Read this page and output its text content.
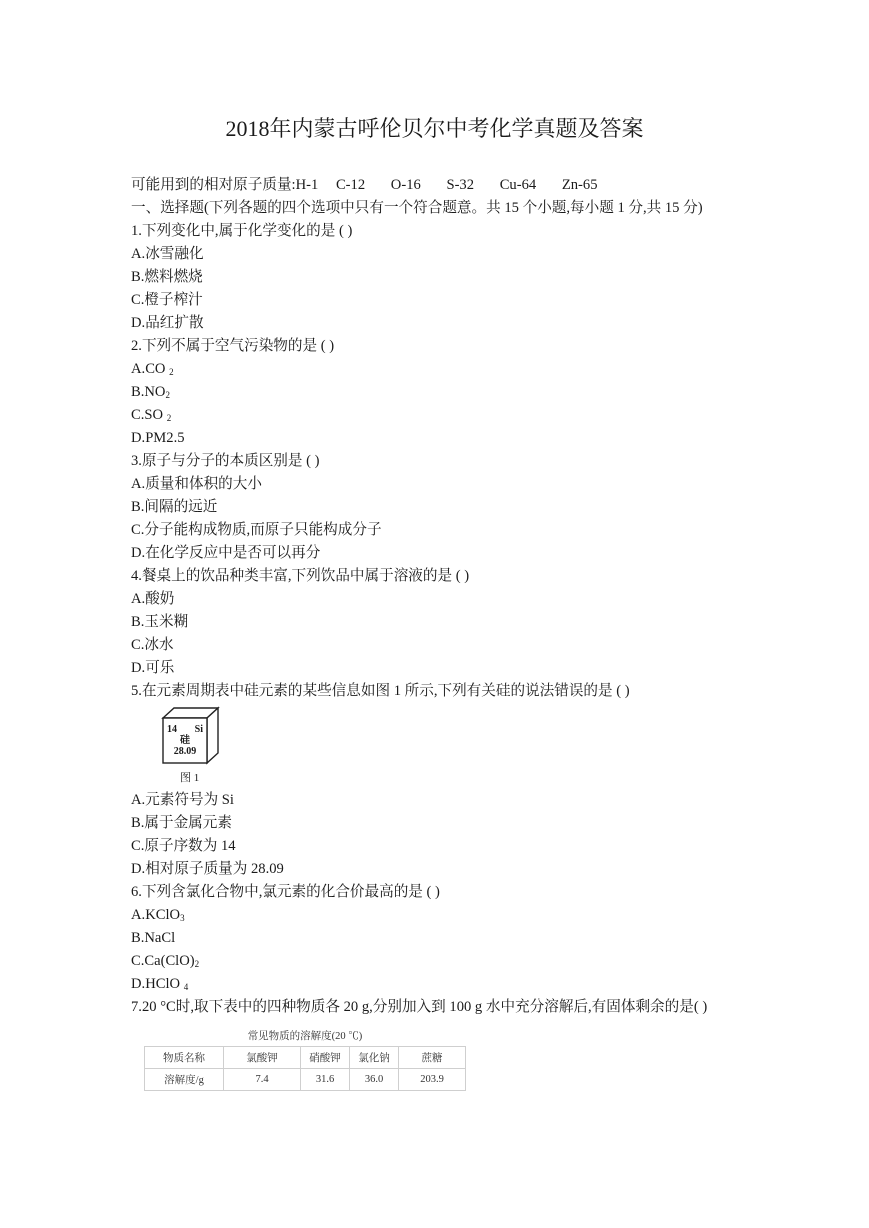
2018年内蒙古呼伦贝尔中考化学真题及答案
可能用到的相对原子质量:H-1 C-12 O-16 S-32 Cu-64 Zn-65
一、选择题(下列各题的四个选项中只有一个符合题意。共 15 个小题,每小题 1 分,共 15 分)
1.下列变化中,属于化学变化的是 ( )
A.冰雪融化
B.燃料燃烧
C.橙子榨汁
D.品红扩散
2.下列不属于空气污染物的是 ( )
A.CO $_2$
$B.NO_2$
C.SO $_2$
D.PM2.5
3.原子与分子的本质区别是 ( )
A.质量和体积的大小
B.间隔的远近
C.分子能构成物质,而原子只能构成分子
D.在化学反应中是否可以再分
4.餐桌上的饮品种类丰富,下列饮品中属于溶液的是 ( )
A.酸奶
B.玉米糊
C.冰水
D.可乐
5.在元素周期表中硅元素的某些信息如图 1 所示,下列有关硅的说法错误的是 ( )
14 Si
硅
28.09
图 1
A.元素符号为 Si
B.属于金属元素
C.原子序数为 14
D.相对原子质量为 28.09
6.下列含氯化合物中,氯元素的化合价最高的是 ( )
A.KClO$_3$
B.NaCl
$C.Ca(ClO)_2$
D.HClO $_4$
7.20 °C时,取下表中的四种物质各 20 g,分别加入到 100 g 水中充分溶解后,有固体剩余的是( )
常见物质的溶解度(20 ℃)				
物质名称	氯酸钾	硝酸钾	氯化钠	蔗糖
溶解度/g	7.4	31.6	36.0	203.9
